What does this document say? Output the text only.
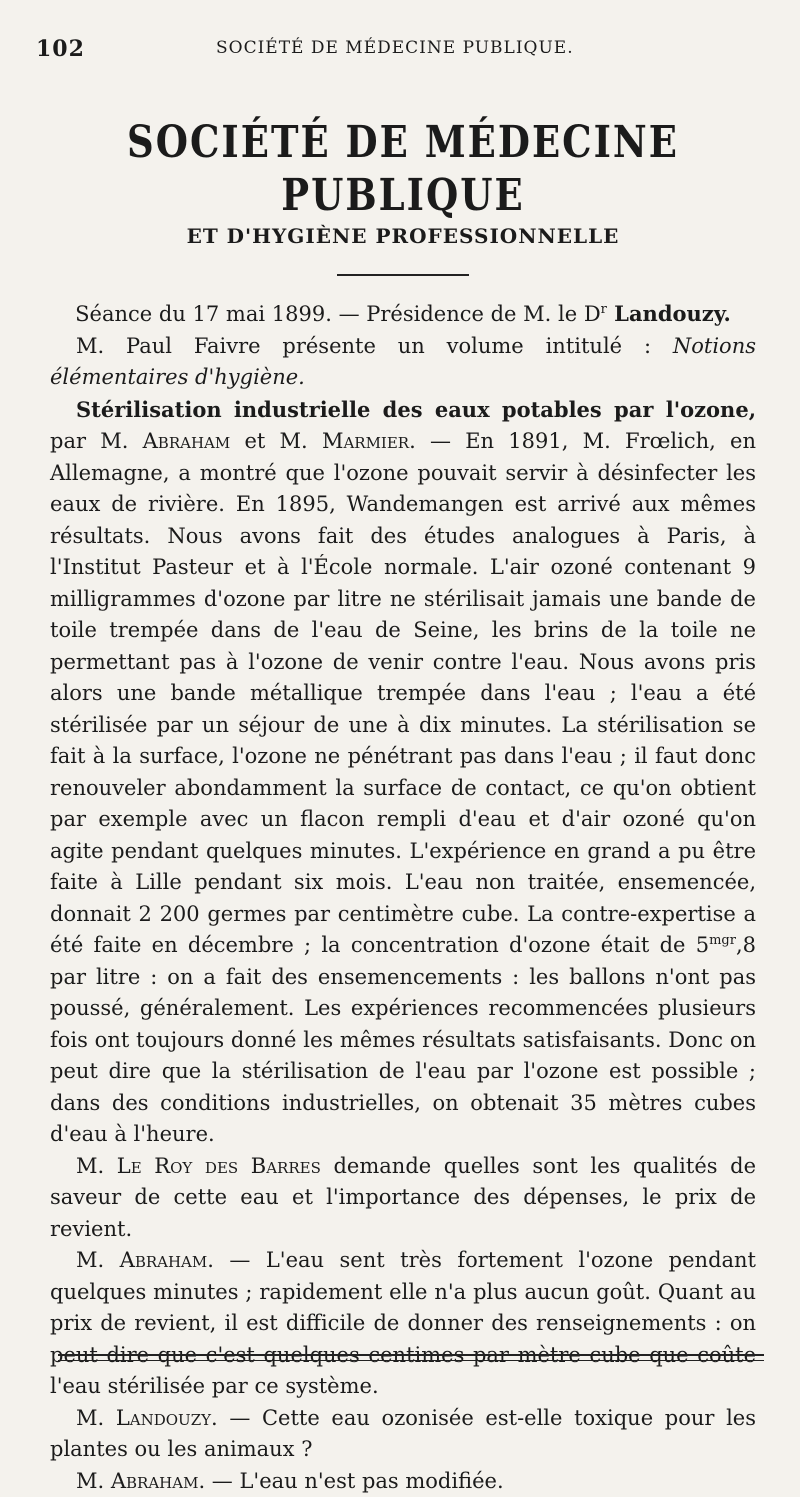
102	SOCIÉTÉ DE MÉDECINE PUBLIQUE.
SOCIÉTÉ DE MÉDECINE PUBLIQUE
ET D'HYGIÈNE PROFESSIONNELLE

Séance du 17 mai 1899. — Présidence de M. le $D^r$ Landouzy.

M. Paul Faivre présente un volume intitulé : Notions élémentaires d'hygiène.

Stérilisation industrielle des eaux potables par l'ozone, par M. Abraham et M. Marmier. — En 1891, M. Frœlich, en Allemagne, a montré que l'ozone pouvait servir à désinfecter les eaux de rivière. En 1895, Wandemangen est arrivé aux mêmes résultats. Nous avons fait des études analogues à Paris, à l'Institut Pasteur et à l'École normale. L'air ozoné contenant 9 milligrammes d'ozone par litre ne stérilisait jamais une bande de toile trempée dans de l'eau de Seine, les brins de la toile ne permettant pas à l'ozone de venir contre l'eau. Nous avons pris alors une bande métallique trempée dans l'eau ; l'eau a été stérilisée par un séjour de une à dix minutes. La stérilisation se fait à la surface, l'ozone ne pénétrant pas dans l'eau ; il faut donc renouveler abondamment la surface de contact, ce qu'on obtient par exemple avec un flacon rempli d'eau et d'air ozoné qu'on agite pendant quelques minutes. L'expérience en grand a pu être faite à Lille pendant six mois. L'eau non traitée, ensemencée, donnait 2 200 germes par centimètre cube. La contre-expertise a été faite en décembre ; la concentration d'ozone était de $5^{mgr},8$ par litre : on a fait des ensemencements : les ballons n'ont pas poussé, généralement. Les expériences recommencées plusieurs fois ont toujours donné les mêmes résultats satisfaisants. Donc on peut dire que la stérilisation de l'eau par l'ozone est possible ; dans des conditions industrielles, on obtenait 35 mètres cubes d'eau à l'heure.

M. Le Roy des Barres demande quelles sont les qualités de saveur de cette eau et l'importance des dépenses, le prix de revient.

M. Abraham. — L'eau sent très fortement l'ozone pendant quelques minutes ; rapidement elle n'a plus aucun goût. Quant au prix de revient, il est difficile de donner des renseignements : on peut dire que c'est quelques centimes par mètre cube que coûte l'eau stérilisée par ce système.

M. Landouzy. — Cette eau ozonisée est-elle toxique pour les plantes ou les animaux ?

M. Abraham. — L'eau n'est pas modifiée.
